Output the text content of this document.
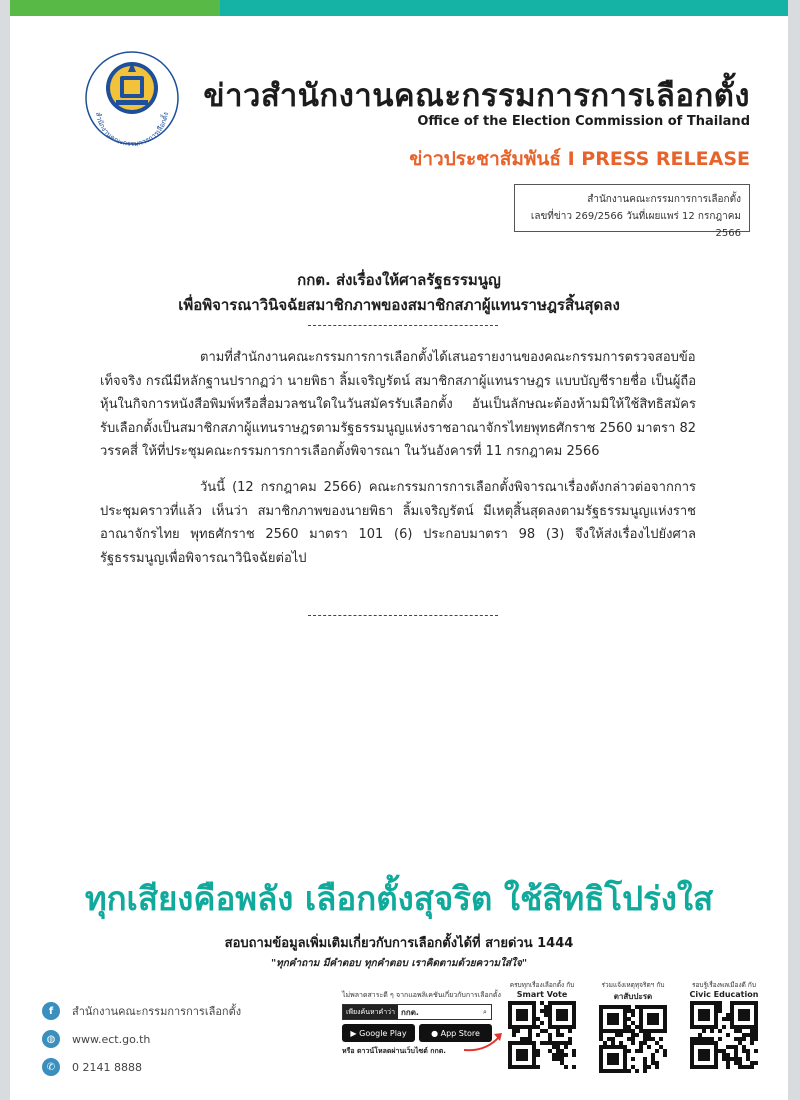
สำนักงานคณะกรรมการการเลือกตั้ง ข่าวสำนักงานคณะกรรมการการเลือกตั้ง
Office of the Election Commission of Thailand
ข่าวประชาสัมพันธ์ I PRESS RELEASE
สำนักงานคณะกรรมการการเลือกตั้ง
เลขที่ข่าว 269/2566 วันที่เผยแพร่ 12 กรกฎาคม 2566
กกต. ส่งเรื่องให้ศาลรัฐธรรมนูญ
เพื่อพิจารณาวินิจฉัยสมาชิกภาพของสมาชิกสภาผู้แทนราษฎรสิ้นสุดลง

ตามที่สำนักงานคณะกรรมการการเลือกตั้งได้เสนอรายงานของคณะกรรมการตรวจสอบข้อเท็จจริง กรณีมีหลักฐานปรากฏว่า นายพิธา ลิ้มเจริญรัตน์ สมาชิกสภาผู้แทนราษฎร แบบบัญชีรายชื่อ เป็นผู้ถือหุ้นในกิจการหนังสือพิมพ์หรือสื่อมวลชนใดในวันสมัครรับเลือกตั้ง อันเป็นลักษณะต้องห้ามมิให้ใช้สิทธิสมัครรับเลือกตั้งเป็นสมาชิกสภาผู้แทนราษฎรตามรัฐธรรมนูญแห่งราชอาณาจักรไทยพุทธศักราช 2560 มาตรา 82 วรรคสี่ ให้ที่ประชุมคณะกรรมการการเลือกตั้งพิจารณา ในวันอังคารที่ 11 กรกฎาคม 2566

วันนี้ (12 กรกฎาคม 2566) คณะกรรมการการเลือกตั้งพิจารณาเรื่องดังกล่าวต่อจากการประชุมคราวที่แล้ว เห็นว่า สมาชิกภาพของนายพิธา ลิ้มเจริญรัตน์ มีเหตุสิ้นสุดลงตามรัฐธรรมนูญแห่งราชอาณาจักรไทย พุทธศักราช 2560 มาตรา 101 (6) ประกอบมาตรา 98 (3) จึงให้ส่งเรื่องไปยังศาลรัฐธรรมนูญเพื่อพิจารณาวินิจฉัยต่อไป

ทุกเสียงคือพลัง เลือกตั้งสุจริต ใช้สิทธิโปร่งใส
สอบถามข้อมูลเพิ่มเติมเกี่ยวกับการเลือกตั้งได้ที่ สายด่วน 1444
"ทุกคำถาม มีคำตอบ ทุกคำตอบ เราคิดตามด้วยความใส่ใจ"
f	สำนักงานคณะกรรมการการเลือกตั้ง
◍	www.ect.go.th
✆	0 2141 8888
ไม่พลาดสาระดี ๆ จากแอพลิเคชันเกี่ยวกับการเลือกตั้ง
เพียงค้นหาคำว่า กกต.	⌕
▶ Google Play	●
App Store
หรือ ดาวน์โหลดผ่านเว็บไซต์ กกต.
ครบทุกเรื่องเลือกตั้ง กับ
Smart Vote
ร่วมแจ้งเหตุทุจริตฯ กับ
ตาสับปะรด
รอบรู้เรื่องพลเมืองดี กับ
Civic Education
